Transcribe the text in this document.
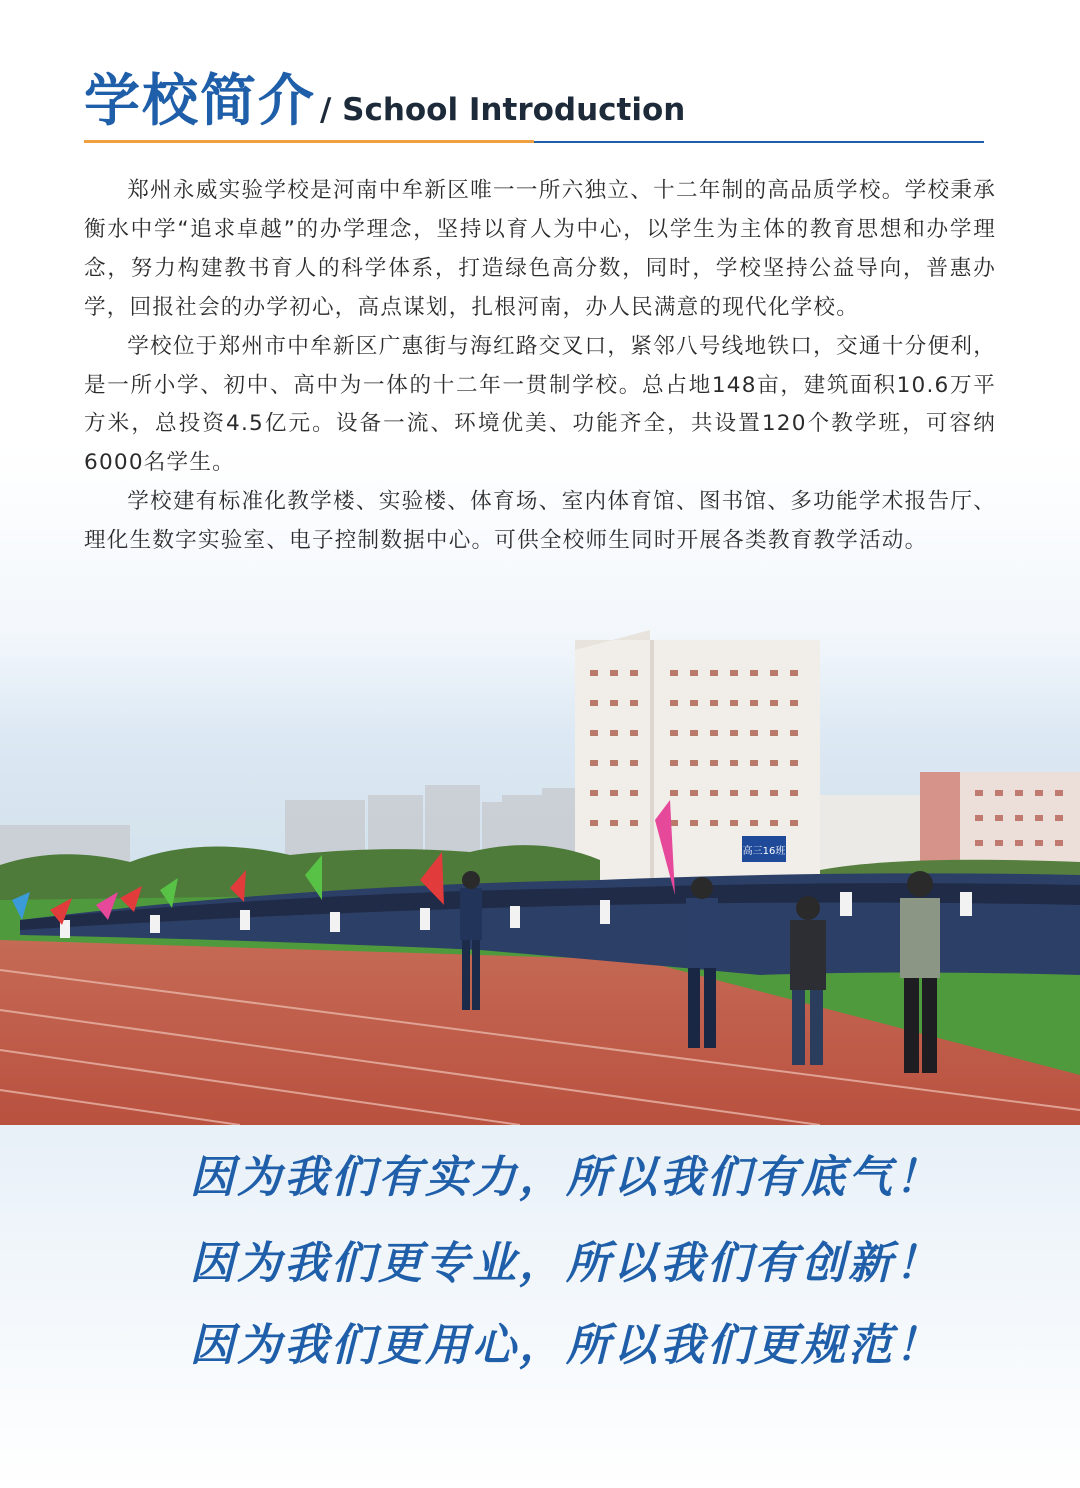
学校简介 / School Introduction

郑州永威实验学校是河南中牟新区唯一一所六独立、十二年制的高品质学校。学校秉承衡水中学“追求卓越”的办学理念，坚持以育人为中心，以学生为主体的教育思想和办学理念，努力构建教书育人的科学体系，打造绿色高分数，同时，学校坚持公益导向，普惠办学，回报社会的办学初心，高点谋划，扎根河南，办人民满意的现代化学校。

学校位于郑州市中牟新区广惠街与海红路交叉口，紧邻八号线地铁口，交通十分便利，是一所小学、初中、高中为一体的十二年一贯制学校。总占地148亩，建筑面积10.6万平方米，总投资4.5亿元。设备一流、环境优美、功能齐全，共设置120个教学班，可容纳6000名学生。

学校建有标准化教学楼、实验楼、体育场、室内体育馆、图书馆、多功能学术报告厅、理化生数字实验室、电子控制数据中心。可供全校师生同时开展各类教育教学活动。

高三16班
因为我们有实力，所以我们有底气！
因为我们更专业，所以我们有创新！
因为我们更用心，所以我们更规范！
